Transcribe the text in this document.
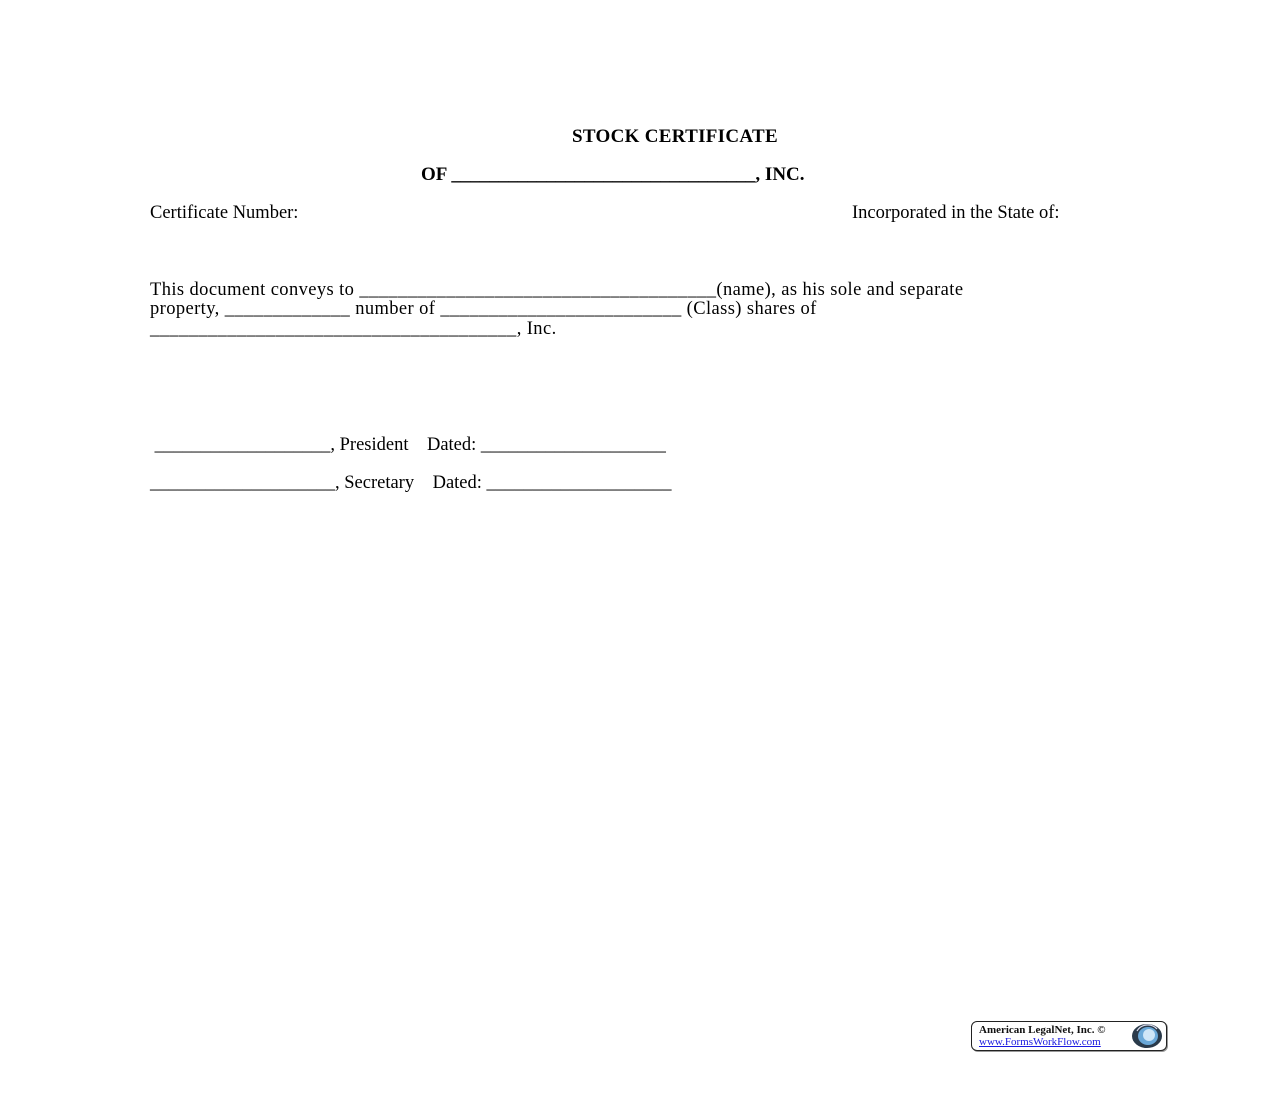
STOCK CERTIFICATE
OF ________________________________, INC.
Certificate Number:	Incorporated in the State of:
This document conveys to _____________________________________(name), as his sole and separate
property, _____________ number of _________________________ (Class) shares of
______________________________________, Inc.
___________________, President    Dated: ____________________
____________________, Secretary    Dated: ____________________
American LegalNet, Inc. ©
www.FormsWorkFlow.com
